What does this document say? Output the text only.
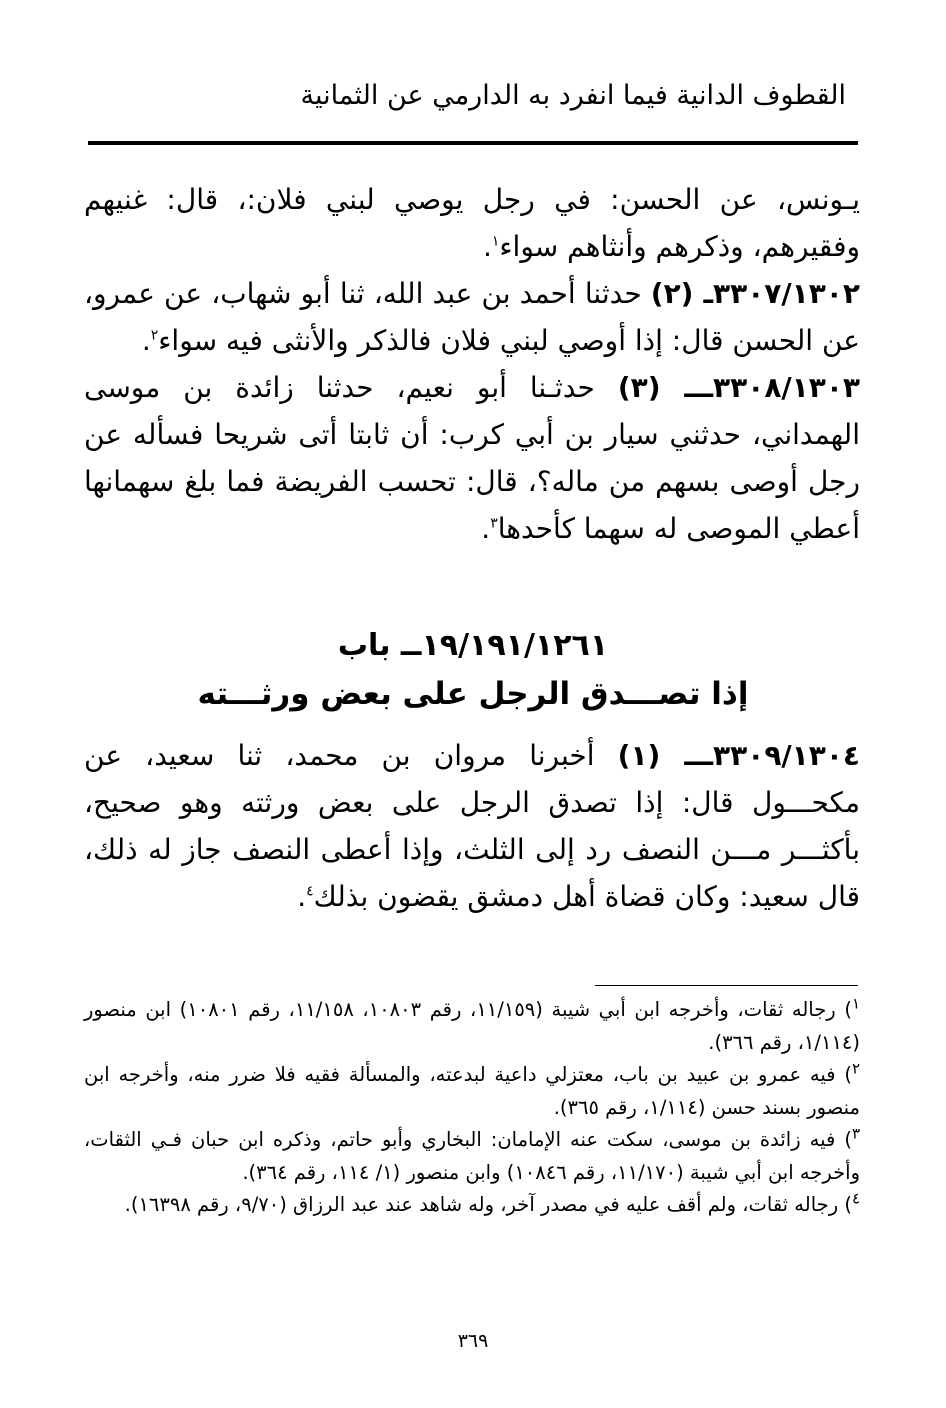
القطوف الدانية فيما انفرد به الدارمي عن الثمانية

يـونس، عن الحسن: في رجل يوصي لبني فلان:، قال: غنيهم وفقيرهم، وذكرهم وأنثاهم سواء$^١$.

٣٣٠٧/١٣٠٢ـ (٢) حدثنا أحمد بن عبد الله، ثنا أبو شهاب، عن عمرو، عن الحسن قال: إذا أوصي لبني فلان فالذكر والأنثى فيه سواء$^٢$.

٣٣٠٨/١٣٠٣ـــ (٣) حدثـنا أبو نعيم، حدثنا زائدة بن موسى الهمداني، حدثني سيار بن أبي كرب: أن ثابتا أتى شريحا فسأله عن رجل أوصى بسهم من ماله؟، قال: تحسب الفريضة فما بلغ سهمانها أعطي الموصى له سهما كأحدها$^٣$.

١٩/١٩١/١٢٦١ــ باب
إذا تصـــدق الرجل على بعض ورثـــته

٣٣٠٩/١٣٠٤ـــ (١) أخبرنا مروان بن محمد، ثنا سعيد، عن مكحـــول قال: إذا تصدق الرجل على بعض ورثته وهو صحيح، بأكثـــر مـــن النصف رد إلى الثلث، وإذا أعطى النصف جاز له ذلك، قال سعيد: وكان قضاة أهل دمشق يقضون بذلك$^٤$.

$^١$) رجاله ثقات، وأخرجه ابن أبي شيبة (١١/١٥٩، رقم ١٠٨٠٣، ١١/١٥٨، رقم ١٠٨٠١) ابن منصور (١/١١٤، رقم ٣٦٦).

$^٢$) فيه عمرو بن عبيد بن باب، معتزلي داعية لبدعته، والمسألة فقيه فلا ضرر منه، وأخرجه ابن منصور بسند حسن (١/١١٤، رقم ٣٦٥).

$^٣$) فيه زائدة بن موسى، سكت عنه الإمامان: البخاري وأبو حاتم، وذكره ابن حبان فـي الثقات، وأخرجه ابن أبي شيبة (١١/١٧٠، رقم ١٠٨٤٦) وابن منصور (١/ ١١٤، رقم ٣٦٤).

$^٤$) رجاله ثقات، ولم أقف عليه في مصدر آخر، وله شاهد عند عبد الرزاق (٩/٧٠، رقم ١٦٣٩٨).

٣٦٩
